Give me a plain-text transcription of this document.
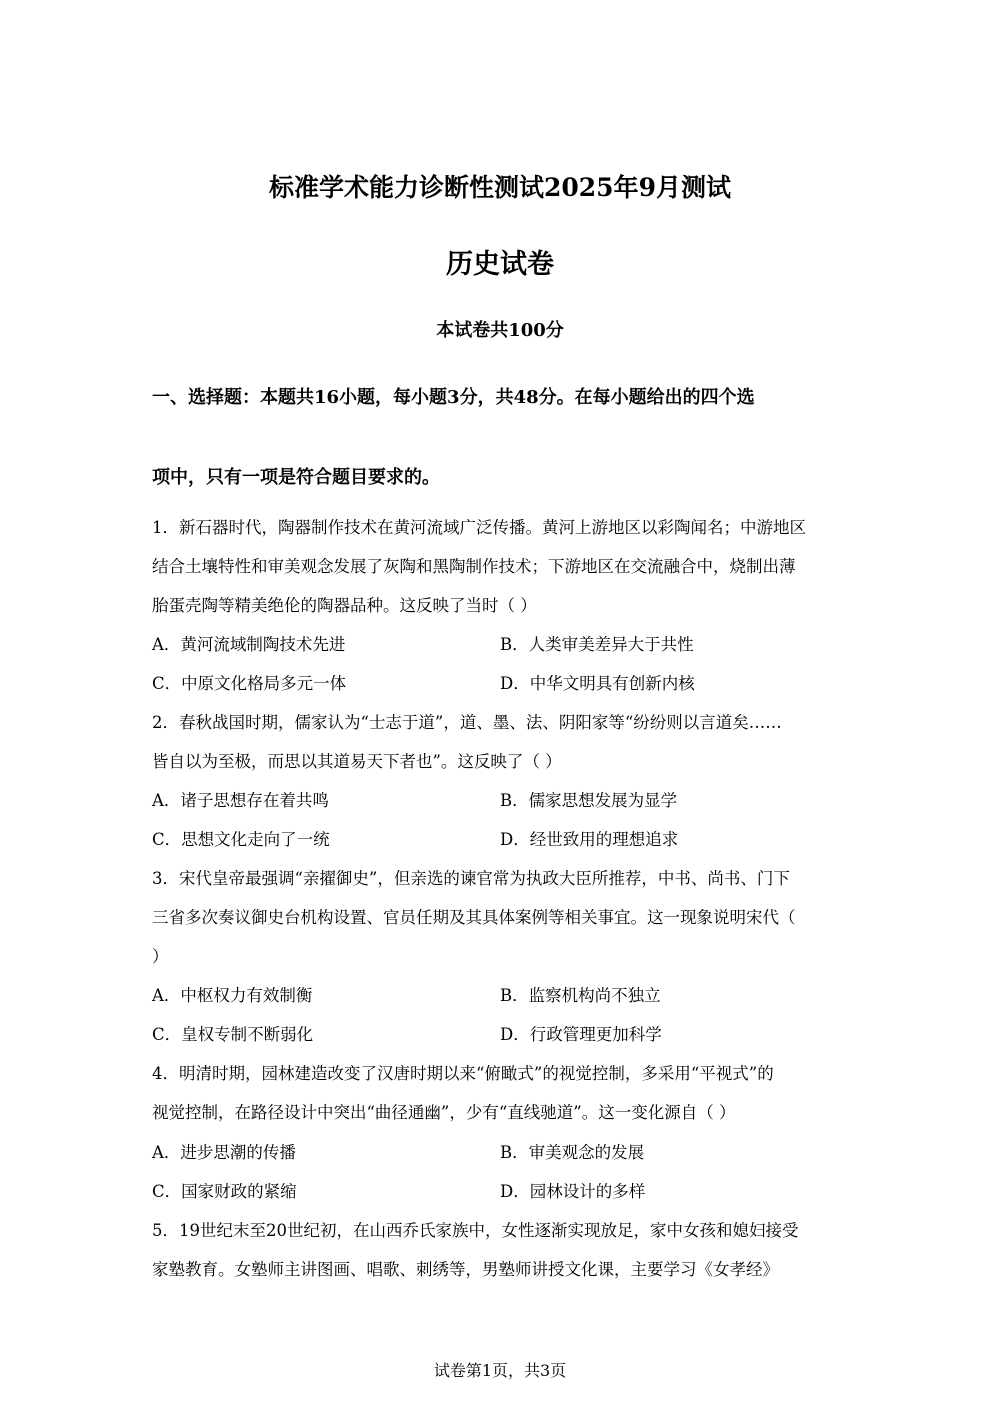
标准学术能力诊断性测试2025年9月测试
历史试卷
本试卷共100分
一、选择题：本题共16小题，每小题3分，共48分。在每小题给出的四个选
项中，只有一项是符合题目要求的。
1．新石器时代，陶器制作技术在黄河流域广泛传播。黄河上游地区以彩陶闻名；中游地区
结合土壤特性和审美观念发展了灰陶和黑陶制作技术；下游地区在交流融合中，烧制出薄
胎蛋壳陶等精美绝伦的陶器品种。这反映了当时（ ）
A．黄河流域制陶技术先进	B．人类审美差异大于共性
C．中原文化格局多元一体	D．中华文明具有创新内核
2．春秋战国时期，儒家认为“士志于道”，道、墨、法、阴阳家等“纷纷则以言道矣……
皆自以为至极，而思以其道易天下者也”。这反映了（ ）
A．诸子思想存在着共鸣	B．儒家思想发展为显学
C．思想文化走向了一统	D．经世致用的理想追求
3．宋代皇帝最强调“亲擢御史”，但亲选的谏官常为执政大臣所推荐，中书、尚书、门下
三省多次奏议御史台机构设置、官员任期及其具体案例等相关事宜。这一现象说明宋代（
）
A．中枢权力有效制衡	B．监察机构尚不独立
C．皇权专制不断弱化	D．行政管理更加科学
4．明清时期，园林建造改变了汉唐时期以来“俯瞰式”的视觉控制，多采用“平视式”的
视觉控制，在路径设计中突出“曲径通幽”，少有“直线驰道”。这一变化源自（ ）
A．进步思潮的传播	B．审美观念的发展
C．国家财政的紧缩	D．园林设计的多样
5．19世纪末至20世纪初，在山西乔氏家族中，女性逐渐实现放足，家中女孩和媳妇接受
家塾教育。女塾师主讲图画、唱歌、刺绣等，男塾师讲授文化课，主要学习《女孝经》
试卷第1页，共3页
